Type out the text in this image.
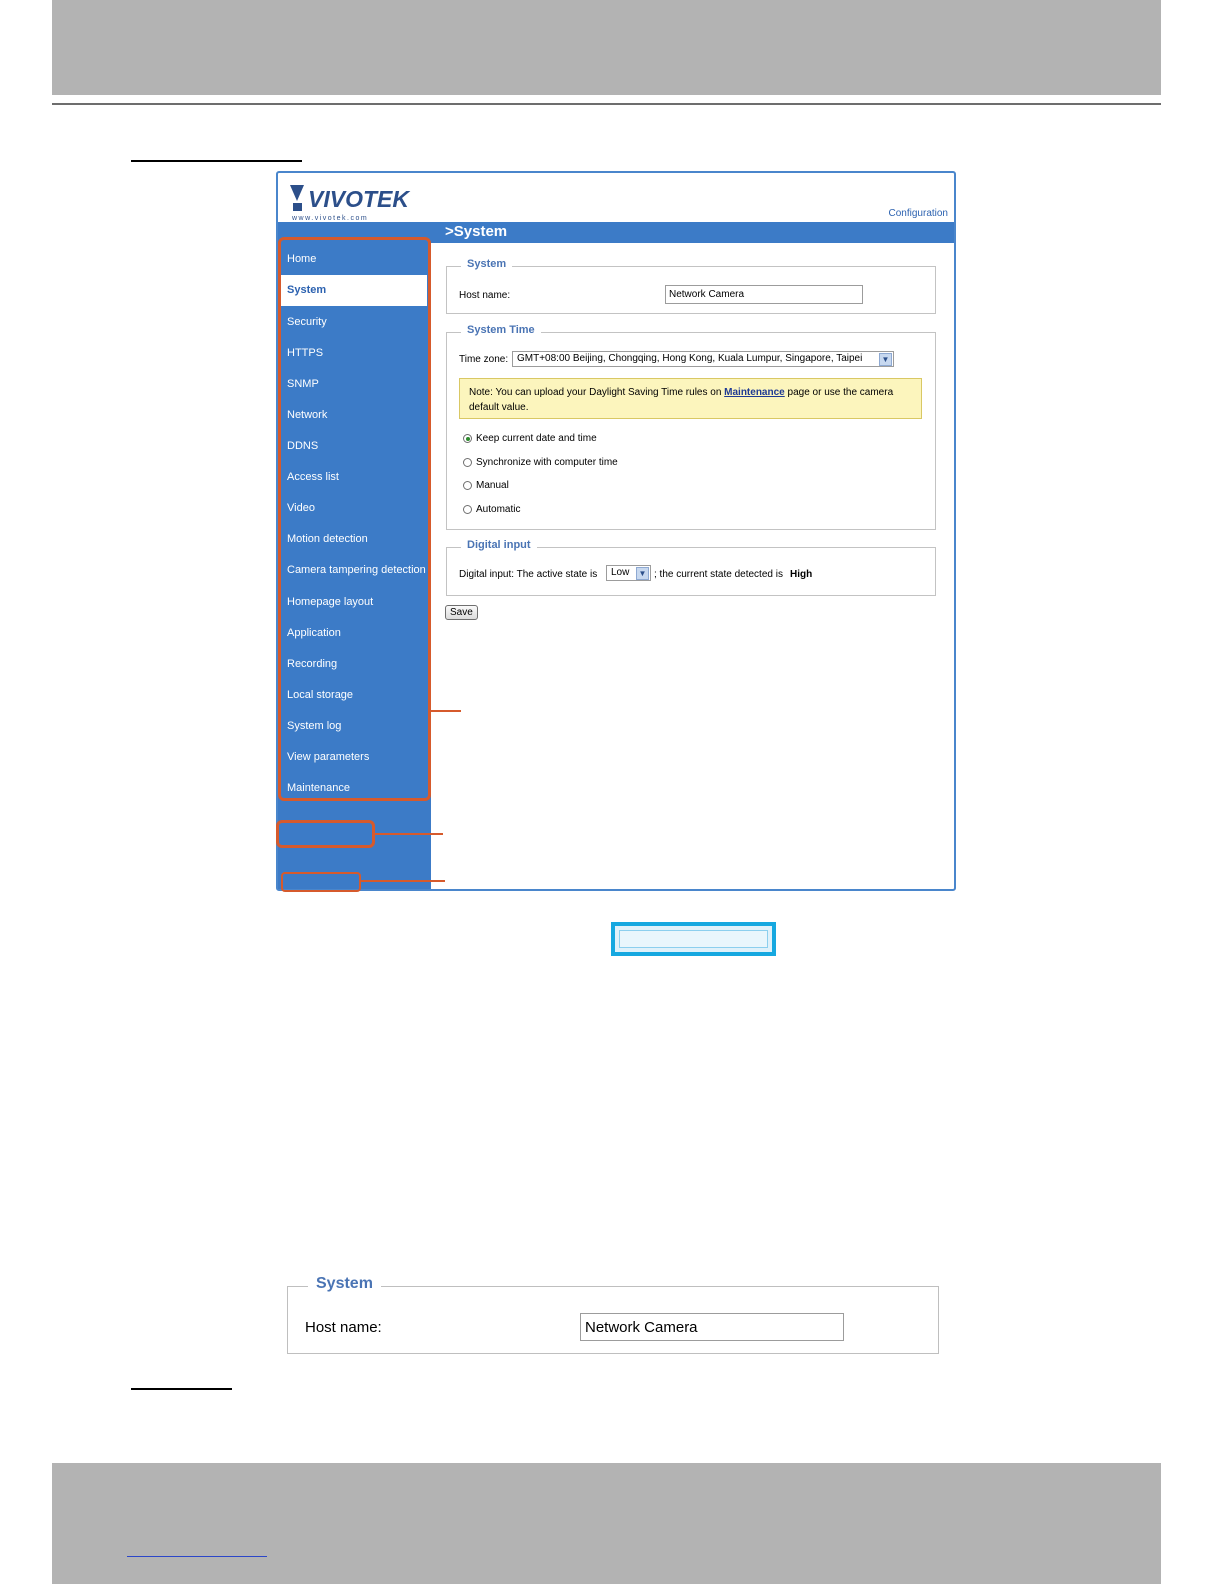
VIVOTEK
www.vivotek.com	Configuration
>System
Home
System
Security
HTTPS
SNMP
Network
DDNS
Access list
Video
Motion detection
Camera tampering detection
Homepage layout
Application
Recording
Local storage
System log
View parameters
Maintenance
[ Basic mode ]
Version: 0100c
System
Host name:
Network Camera
System Time
Time zone: GMT+08:00 Beijing, Chongqing, Hong Kong, Kuala Lumpur, Singapore, Taipei	▼
Note: You can upload your Daylight Saving Time rules on Maintenance page or use the camera default value.
Keep current date and time
Synchronize with computer time
Manual
Automatic
Digital input
Digital input: The active state is	Low	▼ ; the current state detected is High
Save
System
Host name:
Network Camera
